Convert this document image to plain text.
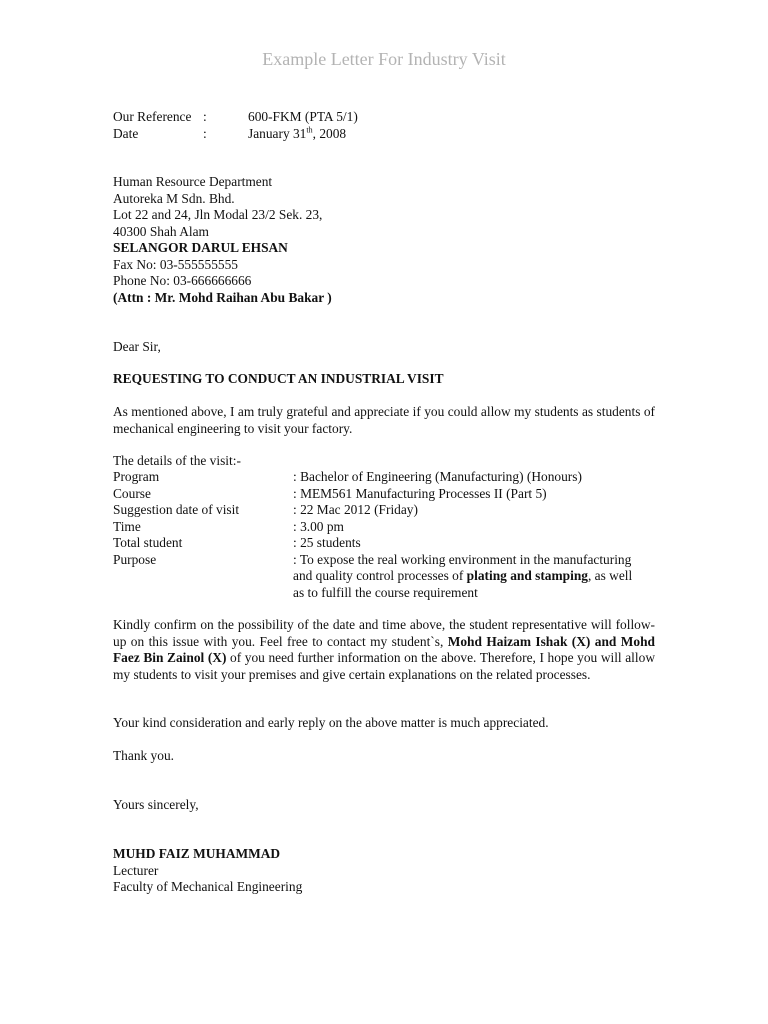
Example Letter For Industry Visit
Our Reference :	600-FKM (PTA 5/1)
Date	:	January 31th, 2008
Human Resource Department
Autoreka M Sdn. Bhd.
Lot 22 and 24, Jln Modal 23/2 Sek. 23,
40300 Shah Alam
SELANGOR DARUL EHSAN
Fax No: 03-555555555
Phone No: 03-666666666
(Attn : Mr. Mohd Raihan Abu Bakar )
Dear Sir,
REQUESTING TO CONDUCT AN INDUSTRIAL VISIT
As mentioned above, I am truly grateful and appreciate if you could allow my students as students of mechanical engineering to visit your factory.
The details of the visit:-
Program	: Bachelor of Engineering (Manufacturing) (Honours)
Course	: MEM561 Manufacturing Processes II (Part 5)
Suggestion date of visit	: 22 Mac 2012 (Friday)
Time	: 3.00 pm
Total student	: 25 students
Purpose	: To expose the real working environment in the manufacturing
and quality control processes of plating and stamping, as well
as to fulfill the course requirement
Kindly confirm on the possibility of the date and time above, the student representative will follow-up on this issue with you. Feel free to contact my student`s, Mohd Haizam Ishak (X) and Mohd Faez Bin Zainol (X) of you need further information on the above. Therefore, I hope you will allow my students to visit your premises and give certain explanations on the related processes.
Your kind consideration and early reply on the above matter is much appreciated.
Thank you.
Yours sincerely,
MUHD FAIZ MUHAMMAD
Lecturer
Faculty of Mechanical Engineering
